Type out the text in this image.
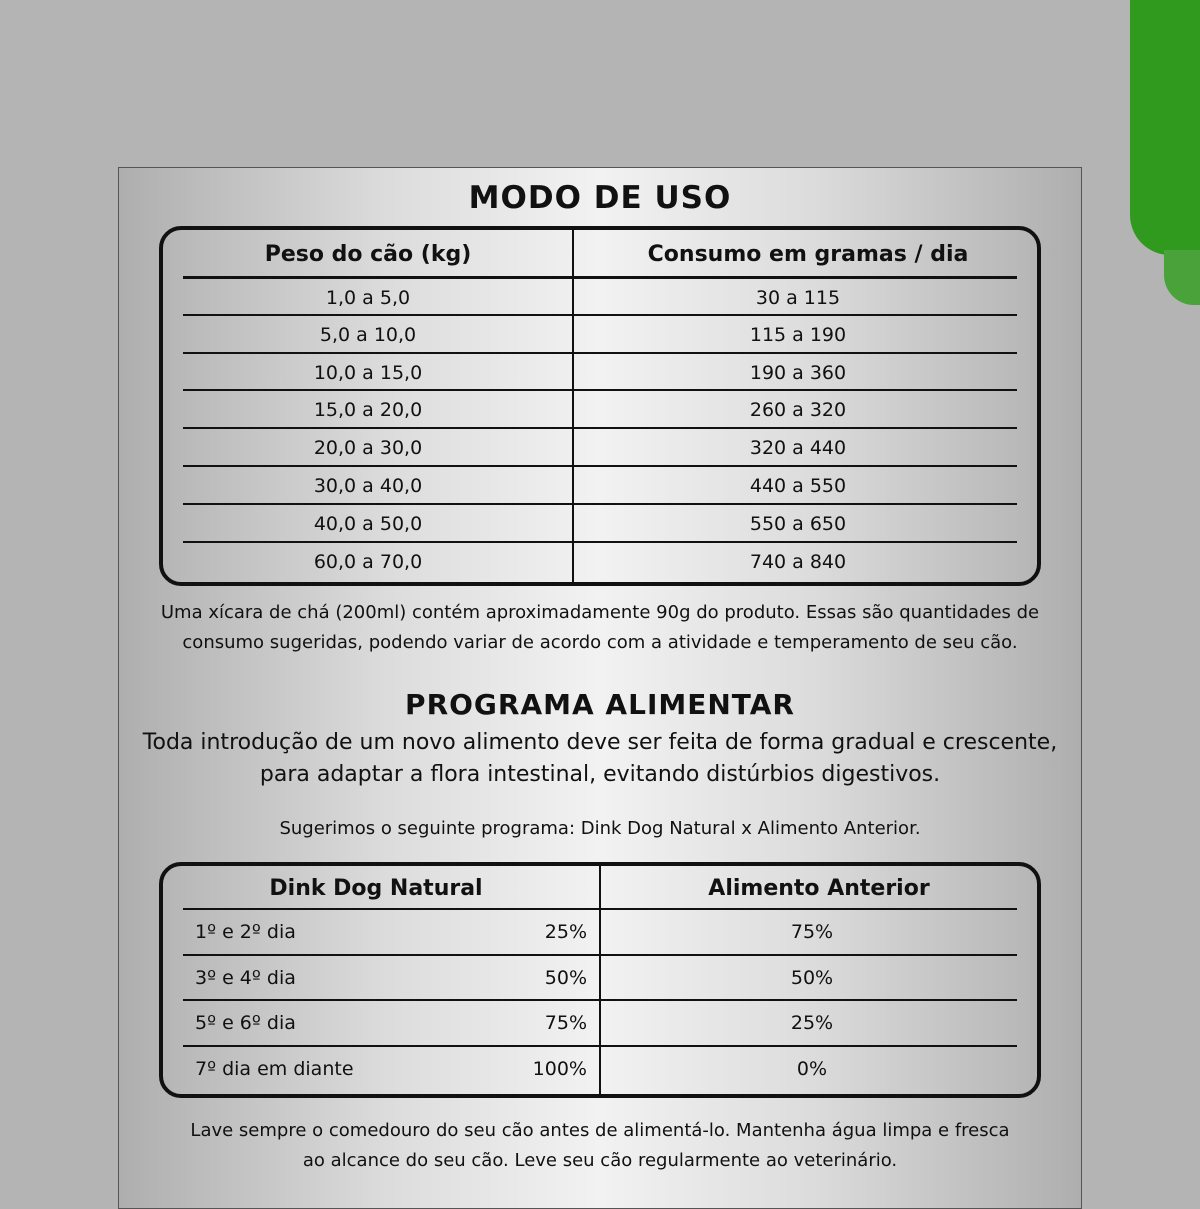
MODO DE USO
Peso do cão (kg)	Consumo em gramas / dia
1,0 a 5,0	30 a 115
5,0 a 10,0	115 a 190
10,0 a 15,0	190 a 360
15,0 a 20,0	260 a 320
20,0 a 30,0	320 a 440
30,0 a 40,0	440 a 550
40,0 a 50,0	550 a 650
60,0 a 70,0	740 a 840
Uma xícara de chá (200ml) contém aproximadamente 90g do produto. Essas são quantidades de
consumo sugeridas, podendo variar de acordo com a atividade e temperamento de seu cão.
PROGRAMA ALIMENTAR
Toda introdução de um novo alimento deve ser feita de forma gradual e crescente,
para adaptar a flora intestinal, evitando distúrbios digestivos.
Sugerimos o seguinte programa: Dink Dog Natural x Alimento Anterior.
Dink Dog Natural	Alimento Anterior
1º e 2º dia	25%	75%
3º e 4º dia	50%	50%
5º e 6º dia	75%	25%
7º dia em diante	100%	0%
Lave sempre o comedouro do seu cão antes de alimentá-lo. Mantenha água limpa e fresca
ao alcance do seu cão. Leve seu cão regularmente ao veterinário.
